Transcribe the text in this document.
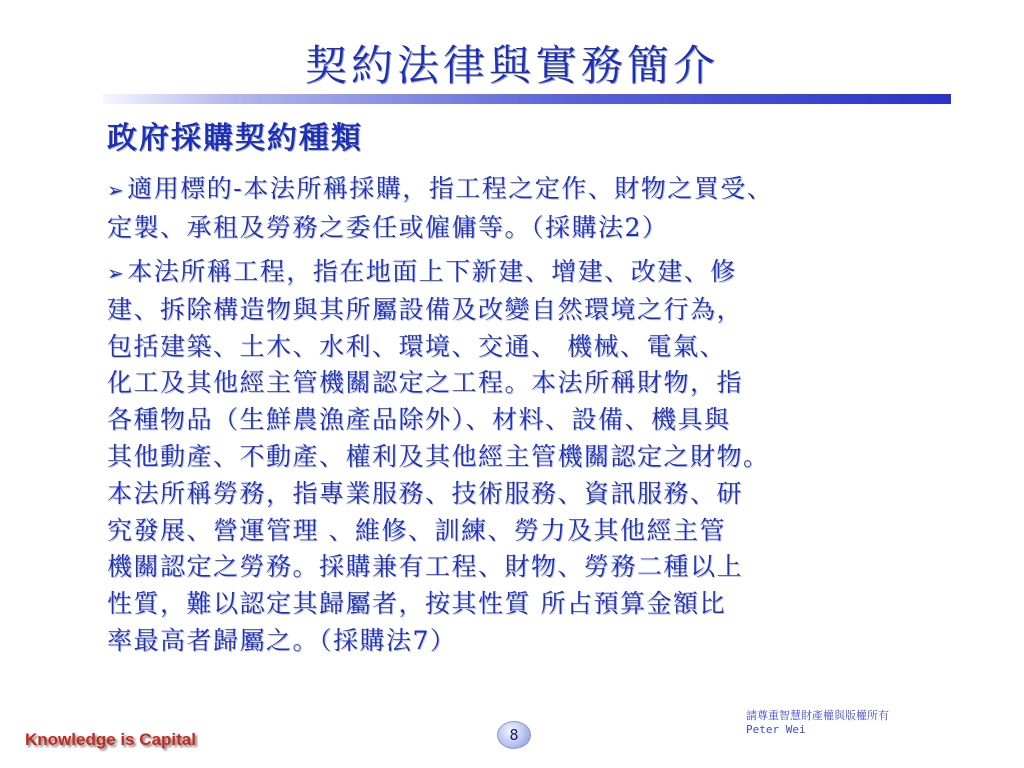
契約法律與實務簡介
政府採購契約種類
➢適用標的-本法所稱採購，指工程之定作、財物之買受、
定製、承租及勞務之委任或僱傭等。（採購法2）
➢本法所稱工程，指在地面上下新建、增建、改建、修
建、拆除構造物與其所屬設備及改變自然環境之行為，
包括建築、土木、水利、環境、交通、 機械、電氣、
化工及其他經主管機關認定之工程。本法所稱財物，指
各種物品（生鮮農漁產品除外）、材料、設備、機具與
其他動產、不動產、權利及其他經主管機關認定之財物。
本法所稱勞務，指專業服務、技術服務、資訊服務、研
究發展、營運管理 、維修、訓練、勞力及其他經主管
機關認定之勞務。採購兼有工程、財物、勞務二種以上
性質，難以認定其歸屬者，按其性質 所占預算金額比
率最高者歸屬之。（採購法7）
Knowledge is Capital	8
請尊重智慧財產權與版權所有
Peter Wei
